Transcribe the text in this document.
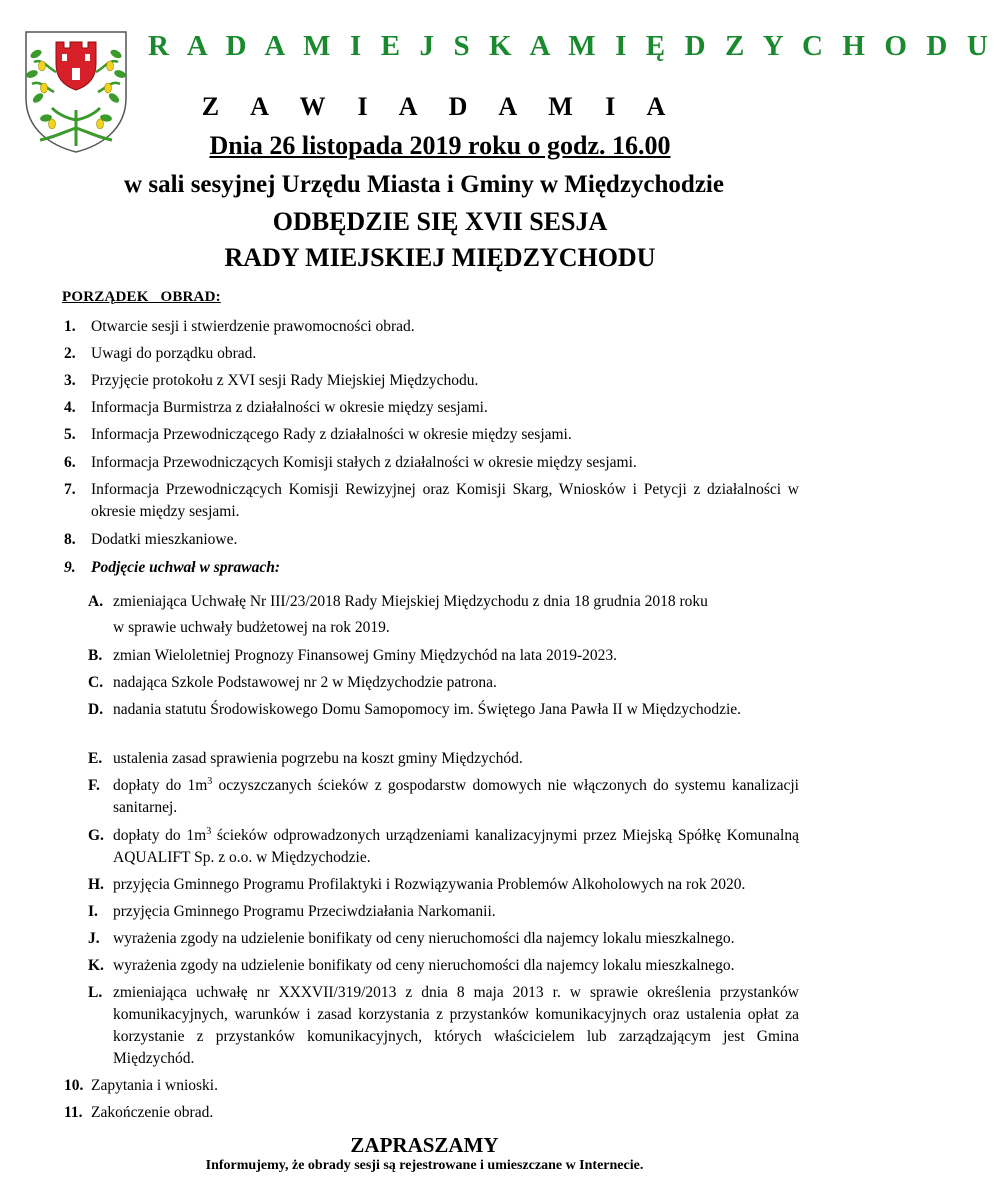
R A D A M I E J S K A M I Ę D Z Y C H O D U
Z A W I A D A M I A

Dnia 26 listopada 2019 roku o godz. 16.00

w sali sesyjnej Urzędu Miasta i Gminy w Międzychodzie

ODBĘDZIE SIĘ XVII SESJA

RADY MIEJSKIEJ MIĘDZYCHODU

PORZĄDEK   OBRAD:

1. Otwarcie sesji i stwierdzenie prawomocności obrad.
2. Uwagi do porządku obrad.
3. Przyjęcie protokołu z XVI sesji Rady Miejskiej Międzychodu.
4. Informacja Burmistrza z działalności w okresie między sesjami.
5. Informacja Przewodniczącego Rady z działalności w okresie między sesjami.
6. Informacja Przewodniczących Komisji stałych z działalności w okresie między sesjami.
7. Informacja Przewodniczących Komisji Rewizyjnej oraz Komisji Skarg, Wniosków i Petycji z działalności w okresie między sesjami.
8. Dodatki mieszkaniowe.
9. Podjęcie uchwał w sprawach:
A. zmieniająca Uchwałę Nr III/23/2018 Rady Miejskiej Międzychodu z dnia 18 grudnia 2018 roku
w sprawie uchwały budżetowej na rok 2019.
B. zmian Wieloletniej Prognozy Finansowej Gminy Międzychód na lata 2019-2023.
C. nadająca Szkole Podstawowej nr 2 w Międzychodzie patrona.
D. nadania statutu Środowiskowego Domu Samopomocy im. Świętego Jana Pawła II w Międzychodzie.
E. ustalenia zasad sprawienia pogrzebu na koszt gminy Międzychód.
F. dopłaty do $1m^3$ oczyszczanych ścieków z gospodarstw domowych nie włączonych do systemu kanalizacji sanitarnej.
G. dopłaty do $1m^3$ ścieków odprowadzonych urządzeniami kanalizacyjnymi przez Miejską Spółkę Komunalną AQUALIFT Sp. z o.o. w Międzychodzie.
H. przyjęcia Gminnego Programu Profilaktyki i Rozwiązywania Problemów Alkoholowych na rok 2020.
I. przyjęcia Gminnego Programu Przeciwdziałania Narkomanii.
J. wyrażenia zgody na udzielenie bonifikaty od ceny nieruchomości dla najemcy lokalu mieszkalnego.
K. wyrażenia zgody na udzielenie bonifikaty od ceny nieruchomości dla najemcy lokalu mieszkalnego.
L. zmieniająca uchwałę nr XXXVII/319/2013 z dnia 8 maja 2013 r. w sprawie określenia przystanków komunikacyjnych, warunków i zasad korzystania z przystanków komunikacyjnych oraz ustalenia opłat za korzystanie z przystanków komunikacyjnych, których właścicielem lub zarządzającym jest Gmina Międzychód.
10. Zapytania i wnioski.
11. Zakończenie obrad.

ZAPRASZAMY

Informujemy, że obrady sesji są rejestrowane i umieszczane w Internecie.
